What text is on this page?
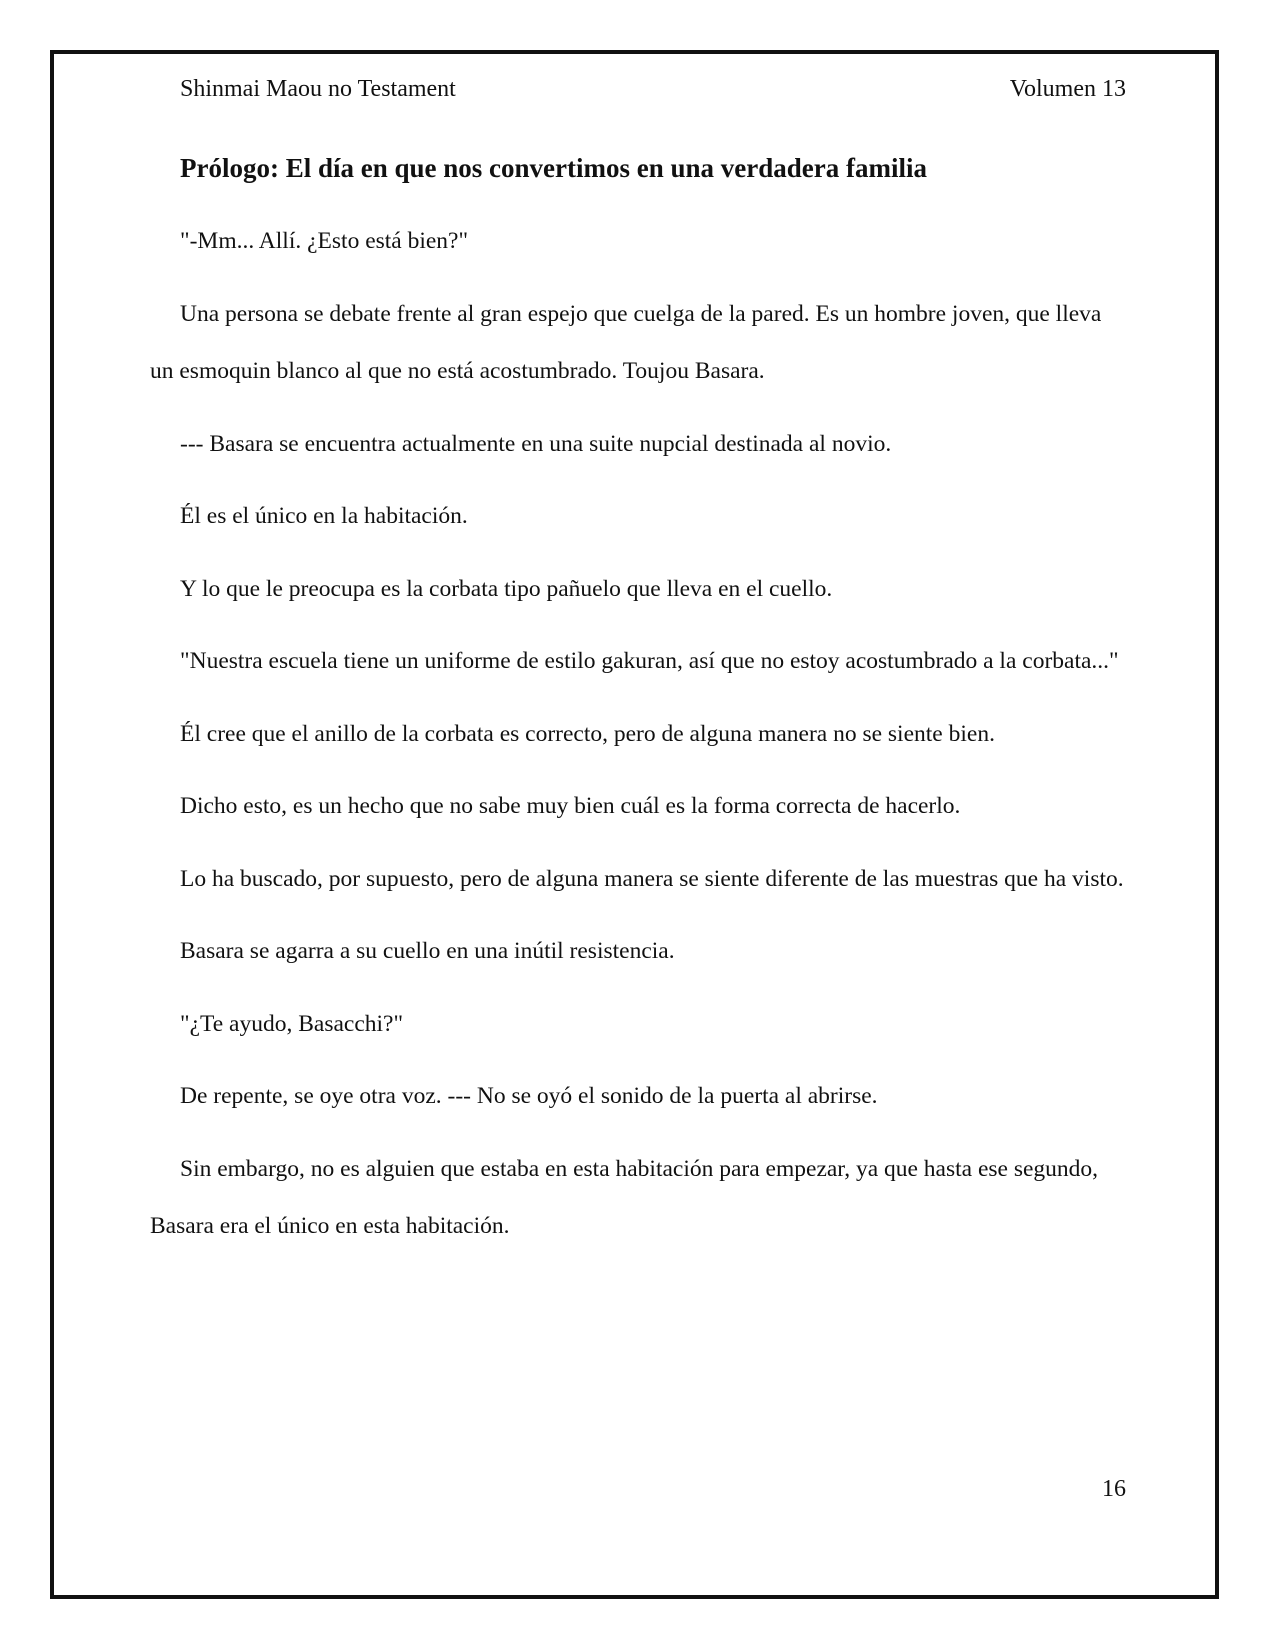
Shinmai Maou no Testament	Volumen 13
Prólogo: El día en que nos convertimos en una verdadera familia

"-Mm... Allí. ¿Esto está bien?"

Una persona se debate frente al gran espejo que cuelga de la pared. Es un hombre joven, que lleva un esmoquin blanco al que no está acostumbrado. Toujou Basara.

--- Basara se encuentra actualmente en una suite nupcial destinada al novio.

Él es el único en la habitación.

Y lo que le preocupa es la corbata tipo pañuelo que lleva en el cuello.

"Nuestra escuela tiene un uniforme de estilo gakuran, así que no estoy acostumbrado a la corbata..."

Él cree que el anillo de la corbata es correcto, pero de alguna manera no se siente bien.

Dicho esto, es un hecho que no sabe muy bien cuál es la forma correcta de hacerlo.

Lo ha buscado, por supuesto, pero de alguna manera se siente diferente de las muestras que ha visto.

Basara se agarra a su cuello en una inútil resistencia.

"¿Te ayudo, Basacchi?"

De repente, se oye otra voz. --- No se oyó el sonido de la puerta al abrirse.

Sin embargo, no es alguien que estaba en esta habitación para empezar, ya que hasta ese segundo, Basara era el único en esta habitación.

16
